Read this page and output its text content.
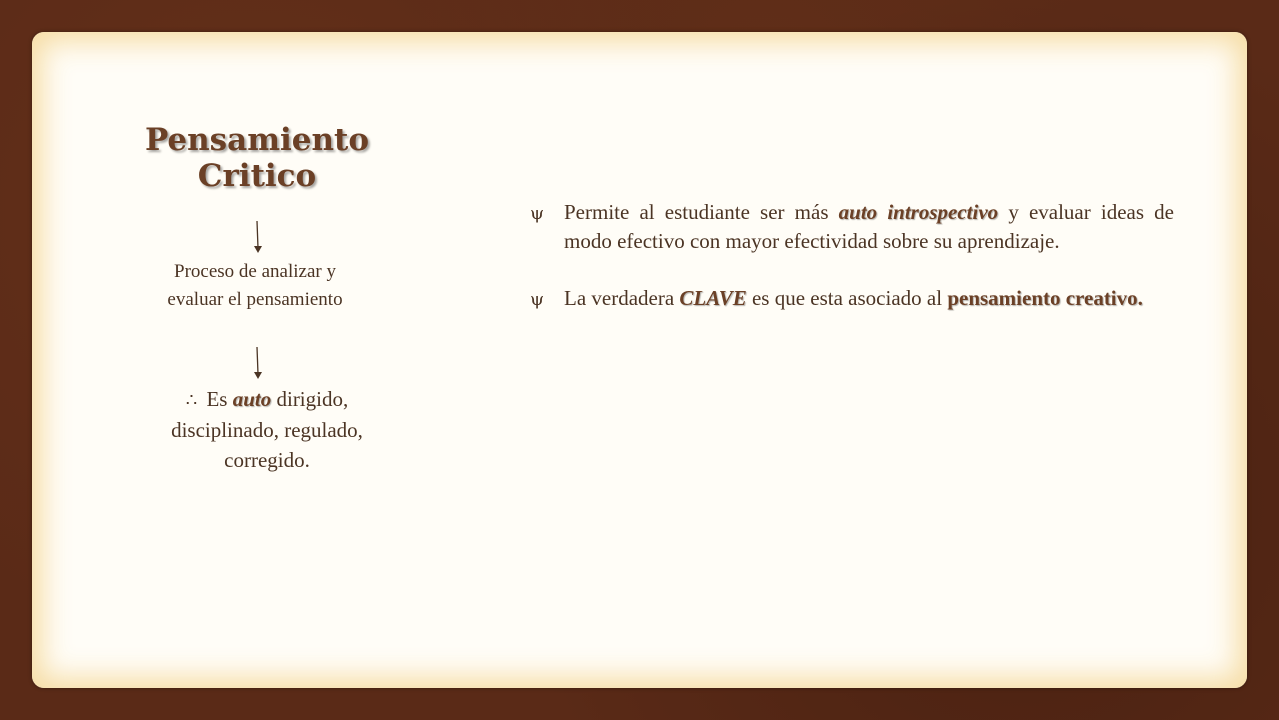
Pensamiento Critico
Proceso de analizar y evaluar el pensamiento
∴ Es auto dirigido, disciplinado, regulado, corregido.
ψ Permite al estudiante ser más auto introspectivo y evaluar ideas de modo efectivo con mayor efectividad sobre su aprendizaje.
ψ La verdadera CLAVE es que esta asociado al pensamiento creativo.
